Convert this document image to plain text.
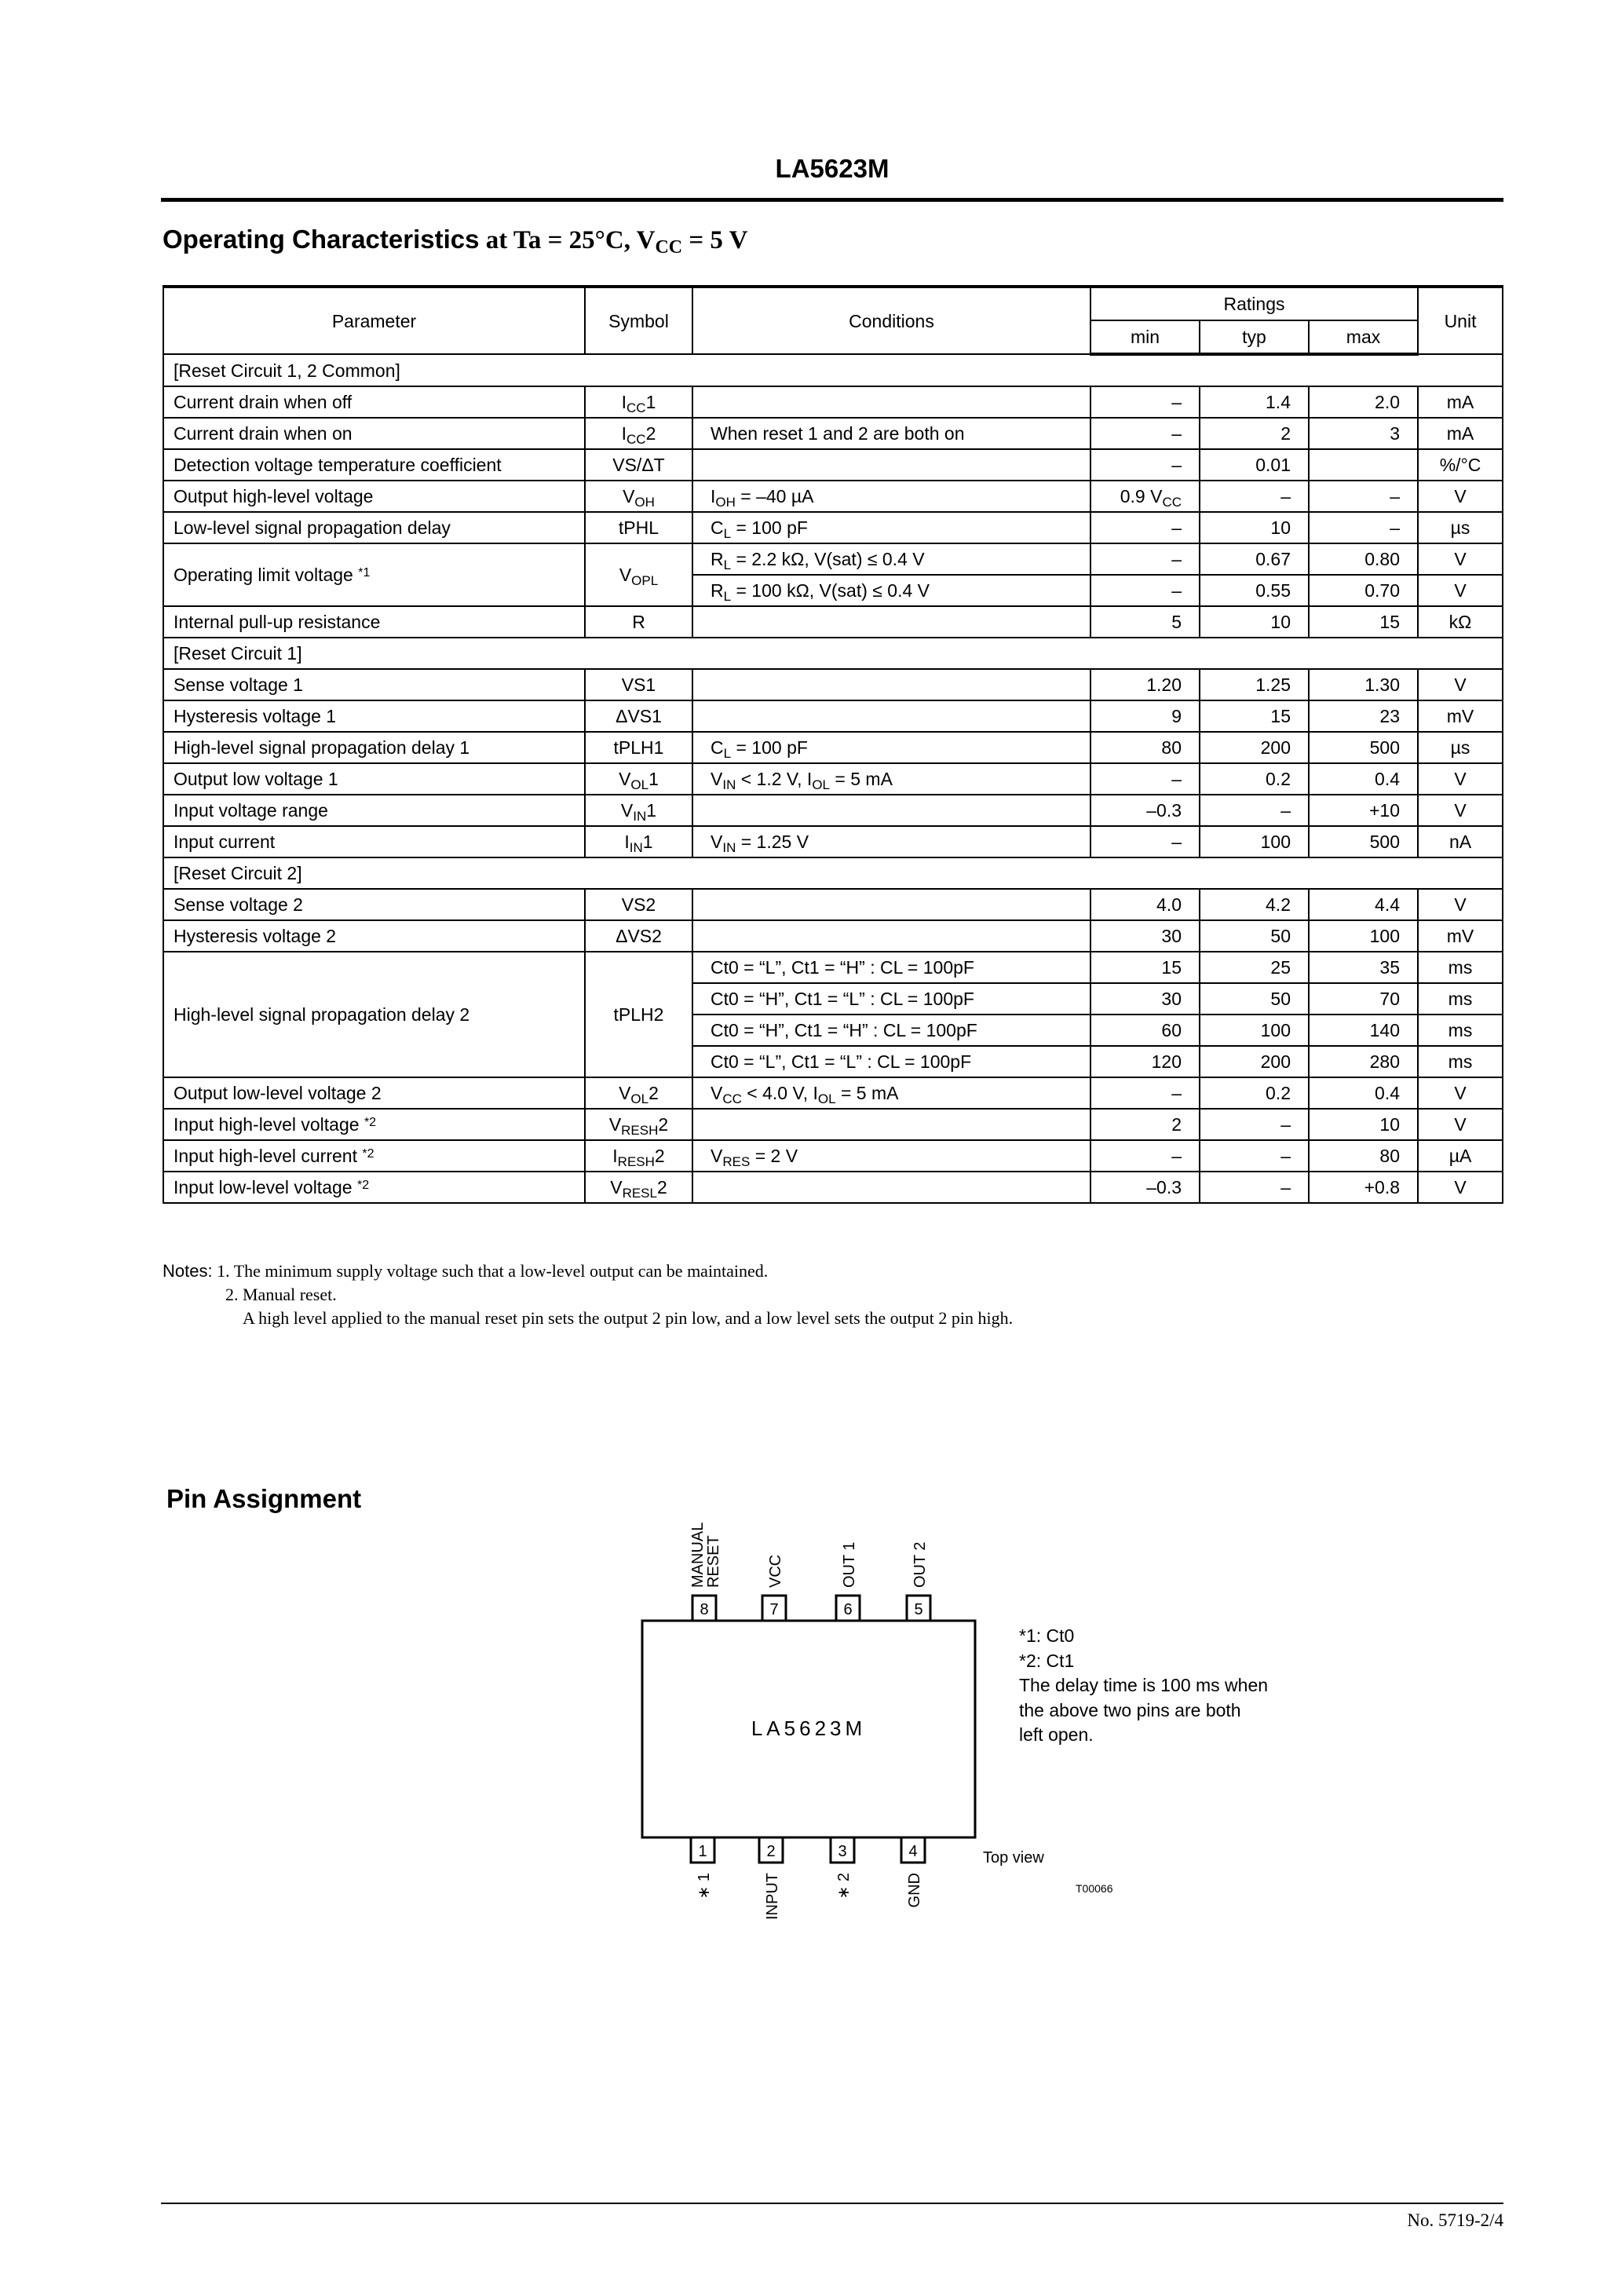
LA5623M
Operating Characteristics at Ta = 25°C, $V_{CC} = 5$ V
Parameter	Symbol	Conditions	Ratings			Unit
			min	typ	max	
[Reset Circuit 1, 2 Common]						
Current drain when off	$I_{CC}1$		–	1.4	2.0	mA
Current drain when on	$I_{CC}2$	When reset 1 and 2 are both on	–	2	3	mA
Detection voltage temperature coefficient	VS/ΔT		–	0.01		%/°C
Output high-level voltage	$V_{OH}$	$I_{OH} = -40$ µA	0.9 $V_{CC}$	–	–	V
Low-level signal propagation delay	tPHL	$C_L = 100$ pF	–	10	–	µs
Operating limit voltage $^{*1}$	$V_{OPL}$	$R_L = 2.2$ kΩ, V(sat) ≤ 0.4 V	–	0.67	0.80	V
		$R_L = 100$ kΩ, V(sat) ≤ 0.4 V	–	0.55	0.70	V
Internal pull-up resistance	R		5	10	15	kΩ
[Reset Circuit 1]						
Sense voltage 1	VS1		1.20	1.25	1.30	V
Hysteresis voltage 1	ΔVS1		9	15	23	mV
High-level signal propagation delay 1	tPLH1	$C_L = 100$ pF	80	200	500	µs
Output low voltage 1	$V_{OL}1$	$V_{IN} < 1.2$ V, $I_{OL} = 5$ mA	–	0.2	0.4	V
Input voltage range	$V_{IN}1$		–0.3	–	+10	V
Input current	$I_{IN}1$	$V_{IN} = 1.25$ V	–	100	500	nA
[Reset Circuit 2]						
Sense voltage 2	VS2		4.0	4.2	4.4	V
Hysteresis voltage 2	ΔVS2		30	50	100	mV
High-level signal propagation delay 2	tPLH2	Ct0 = “L”, Ct1 = “H” : CL = 100pF	15	25	35	ms
		Ct0 = “H”, Ct1 = “L” : CL = 100pF	30	50	70	ms
		Ct0 = “H”, Ct1 = “H” : CL = 100pF	60	100	140	ms
		Ct0 = “L”, Ct1 = “L” : CL = 100pF	120	200	280	ms
Output low-level voltage 2	$V_{OL}2$	$V_{CC} < 4.0$ V, $I_{OL} = 5$ mA	–	0.2	0.4	V
Input high-level voltage $^{*2}$	$V_{RESH}2$		2	–	10	V
Input high-level current $^{*2}$	$I_{RESH}2$	$V_{RES} = 2$ V	–	–	80	µA
Input low-level voltage $^{*2}$	$V_{RESL}2$		–0.3	–	+0.8	V
Notes: 1. The minimum supply voltage such that a low-level output can be maintained.
2. Manual reset.
A high level applied to the manual reset pin sets the output 2 pin low, and a low level sets the output 2 pin high.
Pin Assignment
LA5623M
8
MANUAL
RESET
7
VCC
6
OUT 1
5
OUT 2
1
∗ 1
2
INPUT
3
∗ 2
4
GND
Top view
T00066
*1: Ct0
*2: Ct1
The delay time is 100 ms when
the above two pins are both
left open.
No. 5719-2/4
